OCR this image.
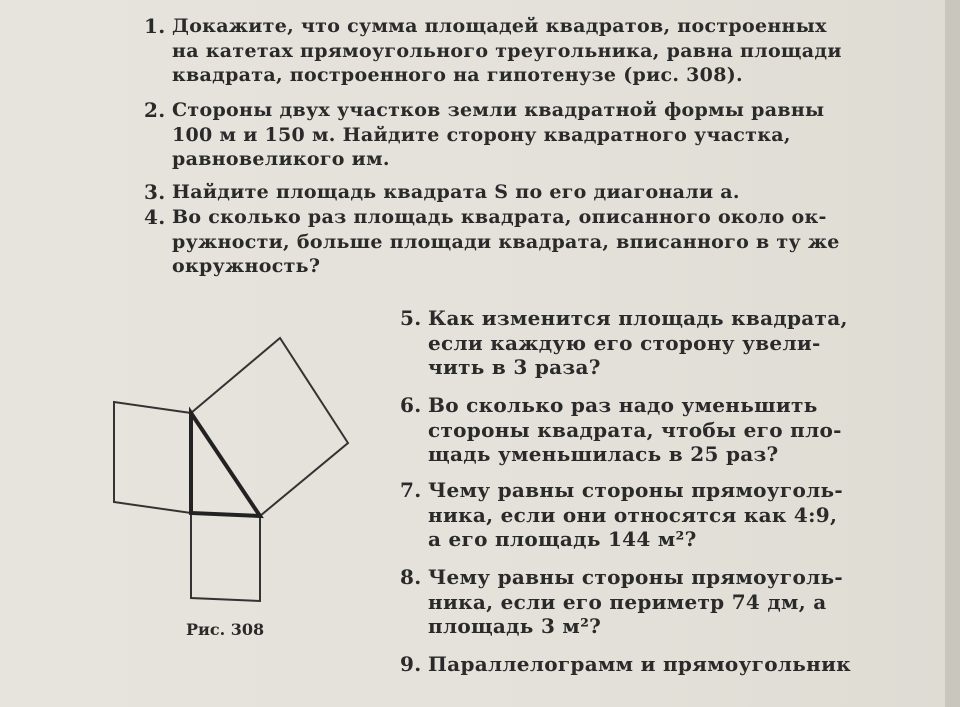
1. Докажите, что сумма площадей квадратов, построенных
на катетах прямоугольного треугольника, равна площади
квадрата, построенного на гипотенузе (рис. 308).
2. Стороны двух участков земли квадратной формы равны
100 м и 150 м. Найдите сторону квадратного участка,
равновеликого им.
3. Найдите площадь квадрата S по его диагонали a.
4. Во сколько раз площадь квадрата, описанного около ок-
ружности, больше площади квадрата, вписанного в ту же
окружность?
5. Как изменится площадь квадрата,
если каждую его сторону увели-
чить в 3 раза?
6. Во сколько раз надо уменьшить
стороны квадрата, чтобы его пло-
щадь уменьшилась в 25 раз?
7. Чему равны стороны прямоуголь-
ника, если они относятся как 4:9,
а его площадь 144 м²?
8. Чему равны стороны прямоуголь-
ника, если его периметр 74 дм, а
площадь 3 м²?
9. Параллелограмм и прямоугольник
Рис. 308
